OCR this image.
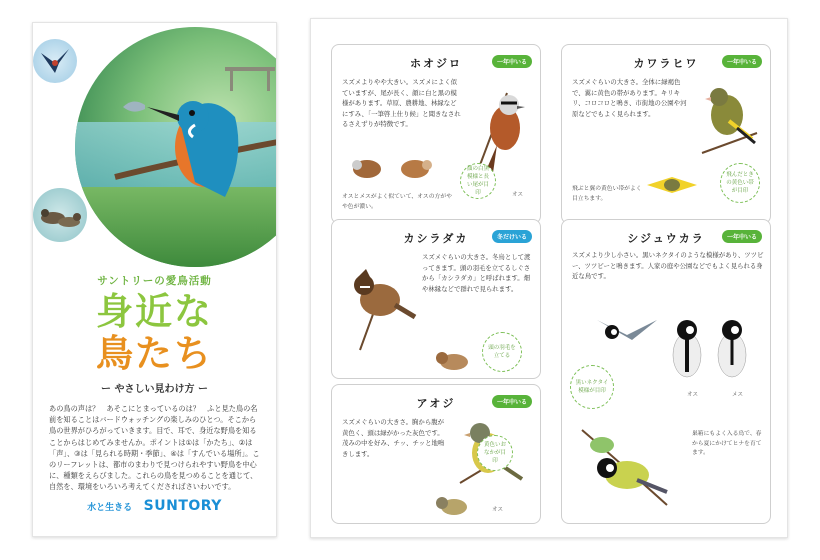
サントリーの愛鳥活動
身近な
鳥たち
ー やさしい見わけ方 ー
あの鳥の声は？　あそこにとまっているのは？　ふと見た鳥の名前を知ることはバードウォッチングの楽しみのひとつ。そこから鳥の世界がひろがっていきます。目で、耳で、身近な野鳥を知ることからはじめてみませんか。ポイントは①は「かたち」、②は「声」、③は「見られる時期・季節」、④は「すんでいる場所」。このリーフレットは、都市のまわりで見つけられやすい野鳥を中心に、種類をえらびました。これらの鳥を見つめることを通じて、自然を、環境をいろいろ考えてくださればさいわいです。
水と生きる SUNTORY
ホオジロ	一年中いる
スズメよりやや大きい。スズメによく似ていますが、尾が長く、顔に白と黒の模様があります。草原、農耕地、林縁などにすみ、「一筆啓上仕り候」と聞きなされるさえずりが特徴です。
顔の白黒模様と長い尾が目印	オス
オスとメスがよく似ていて、オスの方がやや色が濃い。
カワラヒワ	一年中いる
スズメぐらいの大きさ。全体に緑褐色で、翼に黄色の帯があります。キリキリ、コロコロと鳴き、市街地の公園や河原などでもよく見られます。
飛んだときの黄色い帯が目印
飛ぶと翼の黄色い帯がよく目立ちます。
カシラダカ	冬だけいる
スズメぐらいの大きさ。冬鳥として渡ってきます。頭の羽毛を立てるしぐさから「カシラダカ」と呼ばれます。畑や林縁などで群れで見られます。
頭の羽毛を立てる
シジュウカラ	一年中いる
スズメより少し小さい。黒いネクタイのような模様があり、ツツピー、ツツピーと鳴きます。人家の庭や公園などでもよく見られる身近な鳥です。
オス	メス
黒いネクタイ模様が目印
巣箱にもよく入る鳥で、春から夏にかけてヒナを育てます。
アオジ	一年中いる
スズメぐらいの大きさ。胸から腹が黄色く、頭は緑がかった灰色です。茂みの中を好み、チッ、チッと地鳴きします。
黄色いおなかが目印
オス
